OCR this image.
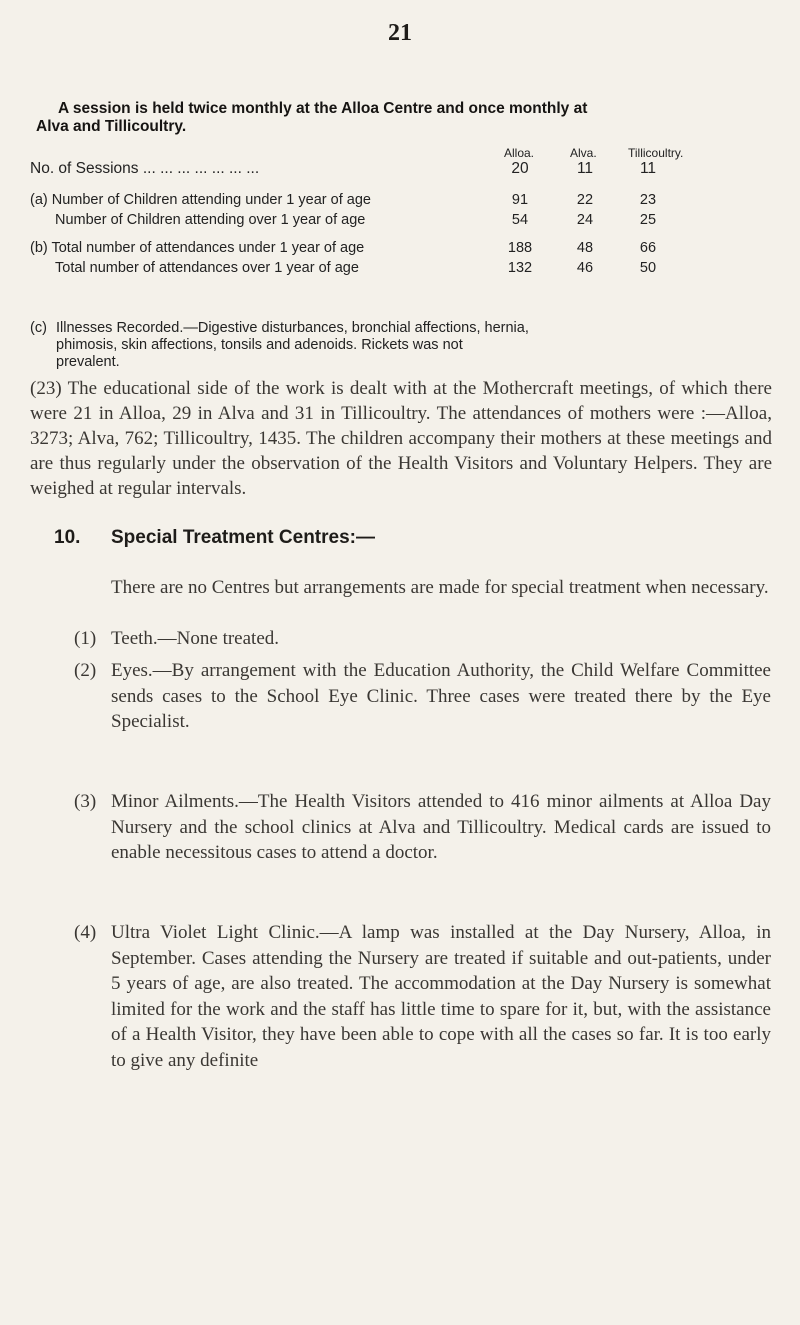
21
A session is held twice monthly at the Alloa Centre and once monthly at
Alva and Tillicoultry.
Alloa.	Alva.	Tillicoultry.
No. of Sessions ... ... ... ... ... ... ...	20	11	11
(a) Number of Children attending under 1 year of age	91	22	23
Number of Children attending over 1 year of age	54	24	25
(b) Total number of attendances under 1 year of age	188	48	66
Total number of attendances over 1 year of age	132	46	50
(c) Illnesses Recorded.—Digestive disturbances, bronchial affections, hernia,
phimosis, skin affections, tonsils and adenoids. Rickets was not
prevalent.
(23) The educational side of the work is dealt with at the Mothercraft meetings, of which there were 21 in Alloa, 29 in Alva and 31 in Tillicoultry. The attendances of mothers were :—Alloa, 3273; Alva, 762; Tillicoultry, 1435. The children accompany their mothers at these meetings and are thus regularly under the observation of the Health Visitors and Voluntary Helpers. They are weighed at regular intervals.
10. Special Treatment Centres:—
There are no Centres but arrangements are made for special treatment when necessary.
(1) Teeth.—None treated.
(2) Eyes.—By arrangement with the Education Authority, the Child Welfare Committee sends cases to the School Eye Clinic. Three cases were treated there by the Eye Specialist.
(3) Minor Ailments.—The Health Visitors attended to 416 minor ailments at Alloa Day Nursery and the school clinics at Alva and Tillicoultry. Medical cards are issued to enable necessitous cases to attend a doctor.
(4) Ultra Violet Light Clinic.—A lamp was installed at the Day Nursery, Alloa, in September. Cases attending the Nursery are treated if suitable and out-patients, under 5 years of age, are also treated. The accommodation at the Day Nursery is somewhat limited for the work and the staff has little time to spare for it, but, with the assistance of a Health Visitor, they have been able to cope with all the cases so far. It is too early to give any definite
